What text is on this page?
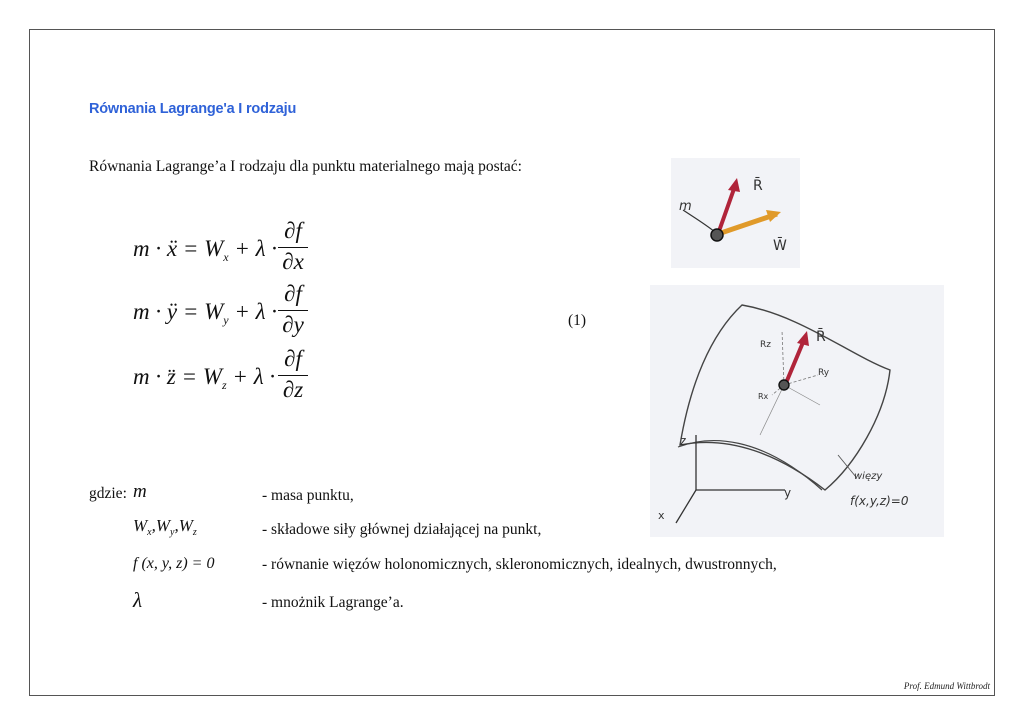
Równania Lagrange'a I rodzaju
Równania Lagrange’a I rodzaju dla punktu materialnego mają postać:
m · ẍ = $W_x + \lambda$ ·
∂f
∂x
m · ÿ = $W_y + \lambda$ ·
∂f
∂y
m · z̈ = $W_z + \lambda$ ·
∂f
∂z
(1)
gdzie: m	- masa punktu,
$W_x,W_y,W_z$	- składowe siły głównej działającej na punkt,
f (x, y, z) = 0	- równanie więzów holonomicznych, skleronomicznych, idealnych, dwustronnych,
λ	- mnożnik Lagrange’a.
m
R̄
W̄
R̄
Rz
Ry
Rx
z
y
x
więzy
f(x,y,z)=0
Prof. Edmund Wittbrodt
